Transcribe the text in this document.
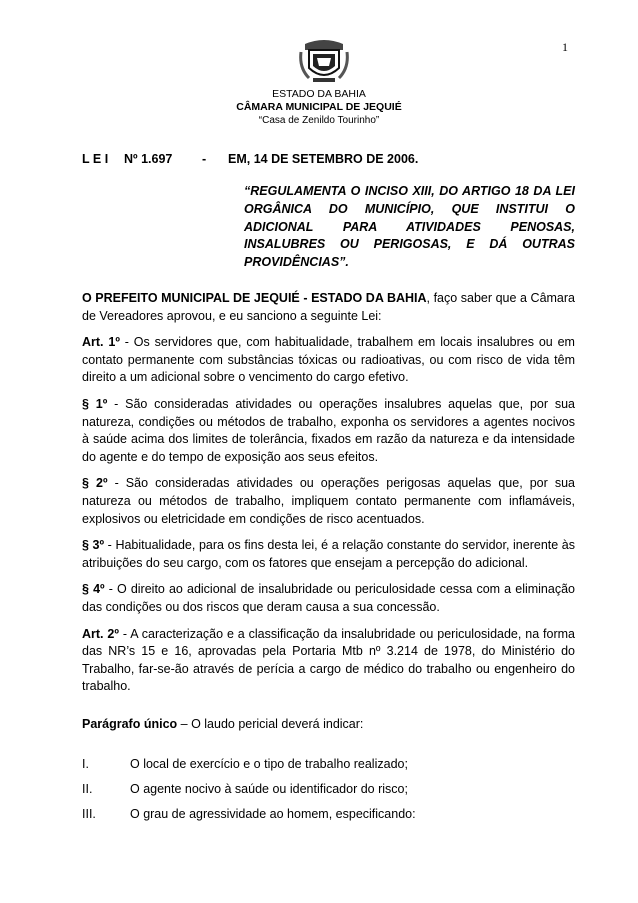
1
ESTADO DA BAHIA
CÂMARA MUNICIPAL DE JEQUIÉ
“Casa de Zenildo Tourinho”
L E I Nº 1.697 - EM, 14 DE SETEMBRO DE 2006.
“REGULAMENTA O INCISO XIII, DO ARTIGO 18 DA LEI ORGÂNICA DO MUNICÍPIO, QUE INSTITUI O ADICIONAL PARA ATIVIDADES PENOSAS, INSALUBRES OU PERIGOSAS, E DÁ OUTRAS PROVIDÊNCIAS”.

O PREFEITO MUNICIPAL DE JEQUIÉ - ESTADO DA BAHIA, faço saber que a Câmara de Vereadores aprovou, e eu sanciono a seguinte Lei:

Art. 1º - Os servidores que, com habitualidade, trabalhem em locais insalubres ou em contato permanente com substâncias tóxicas ou radioativas, ou com risco de vida têm direito a um adicional sobre o vencimento do cargo efetivo.

§ 1º - São consideradas atividades ou operações insalubres aquelas que, por sua natureza, condições ou métodos de trabalho, exponha os servidores a agentes nocivos à saúde acima dos limites de tolerância, fixados em razão da natureza e da intensidade do agente e do tempo de exposição aos seus efeitos.

§ 2º - São consideradas atividades ou operações perigosas aquelas que, por sua natureza ou métodos de trabalho, impliquem contato permanente com inflamáveis, explosivos ou eletricidade em condições de risco acentuados.

§ 3º - Habitualidade, para os fins desta lei, é a relação constante do servidor, inerente às atribuições do seu cargo, com os fatores que ensejam a percepção do adicional.

§ 4º - O direito ao adicional de insalubridade ou periculosidade cessa com a eliminação das condições ou dos riscos que deram causa a sua concessão.

Art. 2º - A caracterização e a classificação da insalubridade ou periculosidade, na forma das NR’s 15 e 16, aprovadas pela Portaria Mtb nº 3.214 de 1978, do Ministério do Trabalho, far-se-ão através de perícia a cargo de médico do trabalho ou engenheiro do trabalho.

Parágrafo único – O laudo pericial deverá indicar:

I.	O local de exercício e o tipo de trabalho realizado;
II.	O agente nocivo à saúde ou identificador do risco;
III.	O grau de agressividade ao homem, especificando:
